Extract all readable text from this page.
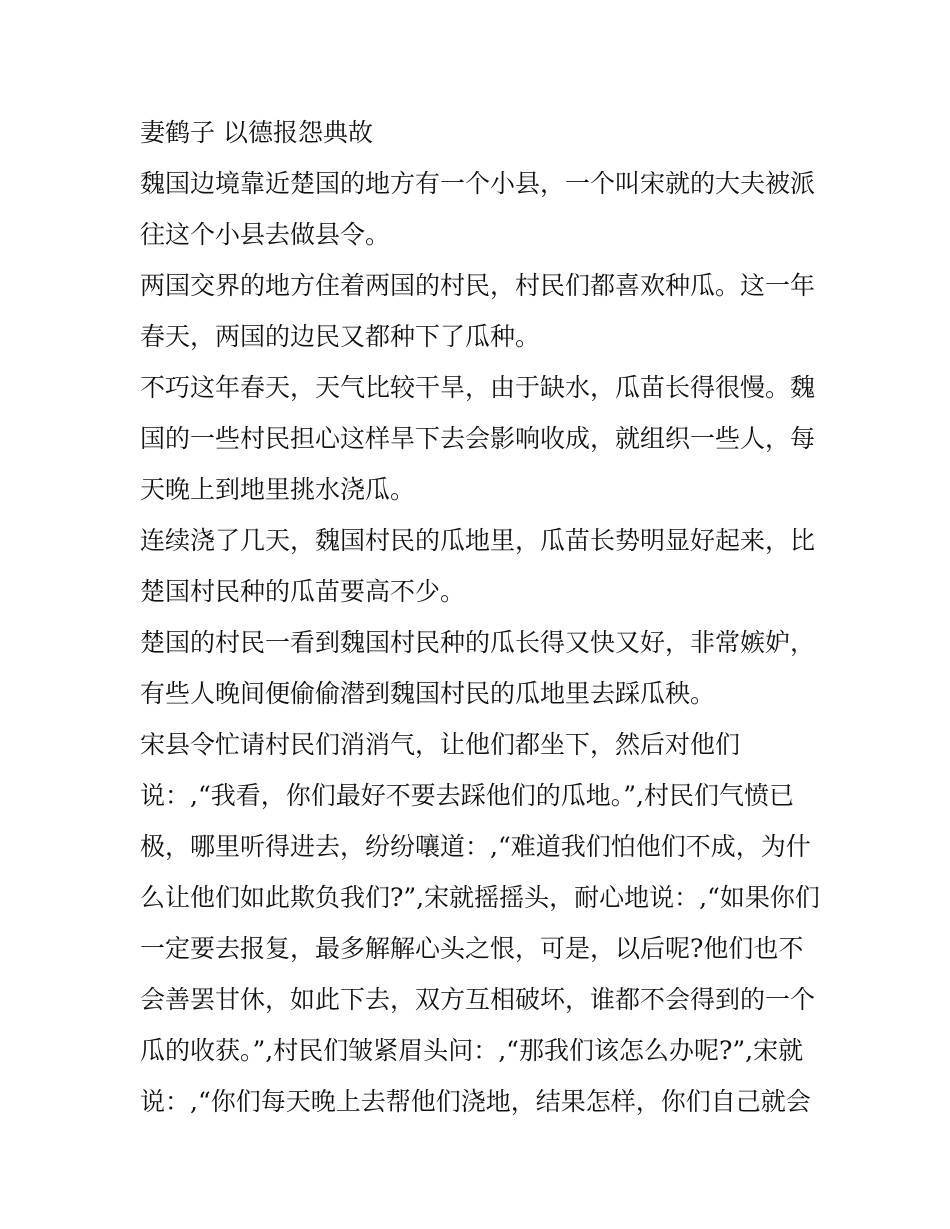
妻鹤子 以德报怨典故
魏国边境靠近楚国的地方有一个小县，一个叫宋就的大夫被派
往这个小县去做县令。
两国交界的地方住着两国的村民，村民们都喜欢种瓜。这一年
春天，两国的边民又都种下了瓜种。
不巧这年春天，天气比较干旱，由于缺水，瓜苗长得很慢。魏
国的一些村民担心这样旱下去会影响收成，就组织一些人，每
天晚上到地里挑水浇瓜。
连续浇了几天，魏国村民的瓜地里，瓜苗长势明显好起来，比
楚国村民种的瓜苗要高不少。
楚国的村民一看到魏国村民种的瓜长得又快又好，非常嫉妒，
有些人晚间便偷偷潜到魏国村民的瓜地里去踩瓜秧。
宋县令忙请村民们消消气，让他们都坐下，然后对他们
说：,“我看，你们最好不要去踩他们的瓜地。”,村民们气愤已
极，哪里听得进去，纷纷嚷道：,“难道我们怕他们不成，为什
么让他们如此欺负我们?”,宋就摇摇头，耐心地说：,“如果你们
一定要去报复，最多解解心头之恨，可是，以后呢?他们也不
会善罢甘休，如此下去，双方互相破坏，谁都不会得到的一个
瓜的收获。”,村民们皱紧眉头问：,“那我们该怎么办呢?”,宋就
说：,“你们每天晚上去帮他们浇地，结果怎样，你们自己就会
